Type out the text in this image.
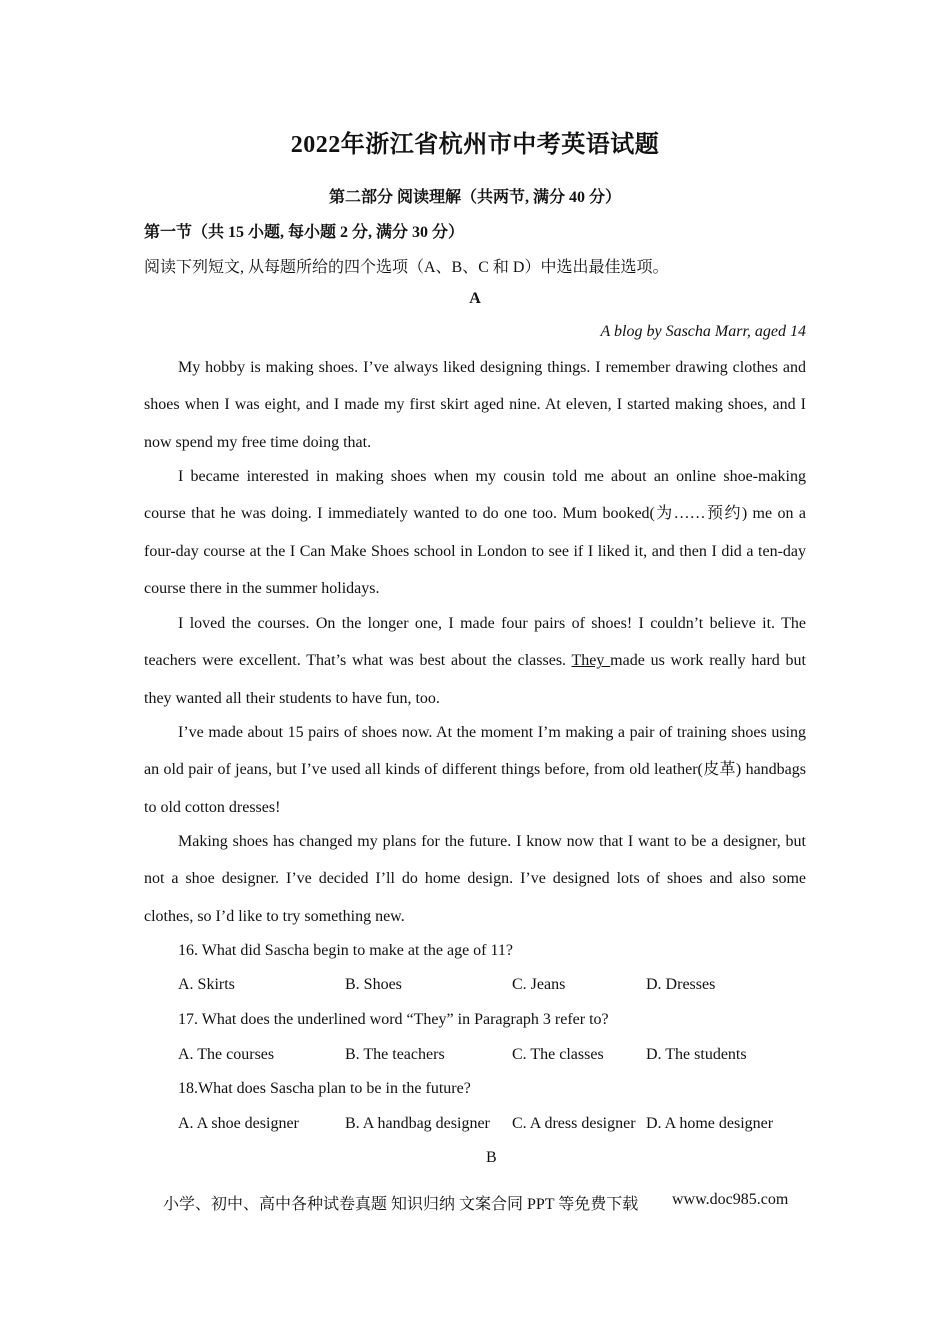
2022年浙江省杭州市中考英语试题
第二部分 阅读理解（共两节, 满分 40 分）
第一节（共 15 小题, 每小题 2 分, 满分 30 分）
阅读下列短文, 从每题所给的四个选项（A、B、C 和 D）中选出最佳选项。
A
A blog by Sascha Marr, aged 14

My hobby is making shoes. I’ve always liked designing things. I remember drawing clothes and shoes when I was eight, and I made my first skirt aged nine. At eleven, I started making shoes, and I now spend my free time doing that.

I became interested in making shoes when my cousin told me about an online shoe-making course that he was doing. I immediately wanted to do one too. Mum booked(为……预约) me on a four-day course at the I Can Make Shoes school in London to see if I liked it, and then I did a ten-day course there in the summer holidays.

I loved the courses. On the longer one, I made four pairs of shoes! I couldn’t believe it. The teachers were excellent. That’s what was best about the classes. They made us work really hard but they wanted all their students to have fun, too.

I’ve made about 15 pairs of shoes now. At the moment I’m making a pair of training shoes using an old pair of jeans, but I’ve used all kinds of different things before, from old leather(皮革) handbags to old cotton dresses!

Making shoes has changed my plans for the future. I know now that I want to be a designer, but not a shoe designer. I’ve decided I’ll do home design. I’ve designed lots of shoes and also some clothes, so I’d like to try something new.

16. What did Sascha begin to make at the age of 11?
A. Skirts	B. Shoes	C. Jeans	D. Dresses
17. What does the underlined word “They” in Paragraph 3 refer to?
A. The courses	B. The teachers	C. The classes	D. The students
18.What does Sascha plan to be in the future?
A. A shoe designer	B. A handbag designer C. A dress designer D. A home designer
B
小学、初中、高中各种试卷真题 知识归纳 文案合同 PPT 等免费下载 www.doc985.com
